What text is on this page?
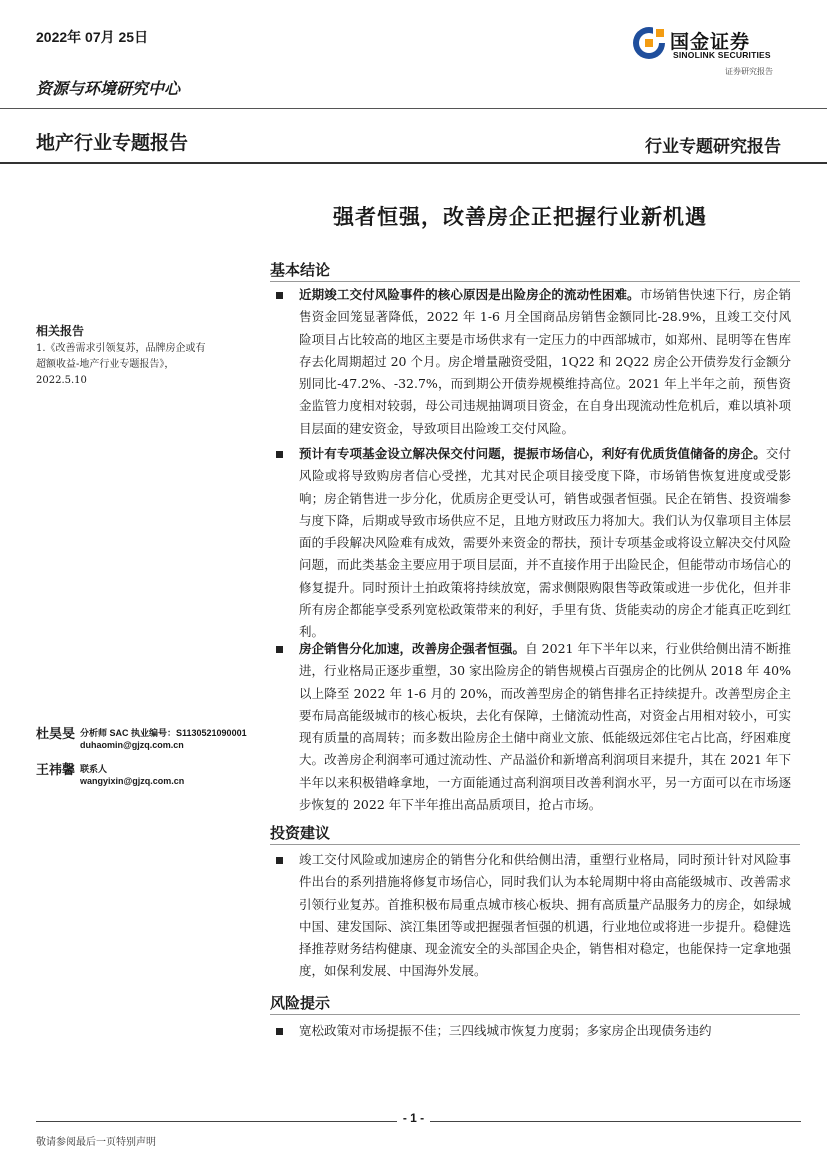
2022年 07月 25日
资源与环境研究中心
国金证券
SINOLINK SECURITIES
证券研究报告
地产行业专题报告	行业专题研究报告
强者恒强，改善房企正把握行业新机遇
基本结论
近期竣工交付风险事件的核心原因是出险房企的流动性困难。市场销售快速下行，房企销售资金回笼显著降低，2022 年 1-6 月全国商品房销售金额同比-28.9%，且竣工交付风险项目占比较高的地区主要是市场供求有一定压力的中西部城市，如郑州、昆明等在售库存去化周期超过 20 个月。房企增量融资受阻，1Q22 和 2Q22 房企公开债券发行金额分别同比-47.2%、-32.7%，而到期公开债券规模维持高位。2021 年上半年之前，预售资金监管力度相对较弱，母公司违规抽调项目资金，在自身出现流动性危机后，难以填补项目层面的建安资金，导致项目出险竣工交付风险。
预计有专项基金设立解决保交付问题，提振市场信心，利好有优质货值储备的房企。交付风险或将导致购房者信心受挫，尤其对民企项目接受度下降，市场销售恢复进度或受影响；房企销售进一步分化，优质房企更受认可，销售或强者恒强。民企在销售、投资端参与度下降，后期或导致市场供应不足，且地方财政压力将加大。我们认为仅靠项目主体层面的手段解决风险难有成效，需要外来资金的帮扶，预计专项基金或将设立解决交付风险问题，而此类基金主要应用于项目层面，并不直接作用于出险民企，但能带动市场信心的修复提升。同时预计土拍政策将持续放宽，需求侧限购限售等政策或进一步优化，但并非所有房企都能享受系列宽松政策带来的利好，手里有货、货能卖动的房企才能真正吃到红利。
房企销售分化加速，改善房企强者恒强。自 2021 年下半年以来，行业供给侧出清不断推进，行业格局正逐步重塑，30 家出险房企的销售规模占百强房企的比例从 2018 年 40%以上降至 2022 年 1-6 月的 20%，而改善型房企的销售排名正持续提升。改善型房企主要布局高能级城市的核心板块，去化有保障，土储流动性高，对资金占用相对较小，可实现有质量的高周转；而多数出险房企土储中商业文旅、低能级远郊住宅占比高，纾困难度大。改善房企利润率可通过流动性、产品溢价和新增高利润项目来提升，其在 2021 年下半年以来积极错峰拿地，一方面能通过高利润项目改善利润水平，另一方面可以在市场逐步恢复的 2022 年下半年推出高品质项目，抢占市场。
投资建议
竣工交付风险或加速房企的销售分化和供给侧出清，重塑行业格局，同时预计针对风险事件出台的系列措施将修复市场信心，同时我们认为本轮周期中将由高能级城市、改善需求引领行业复苏。首推积极布局重点城市核心板块、拥有高质量产品服务力的房企，如绿城中国、建发国际、滨江集团等或把握强者恒强的机遇，行业地位或将进一步提升。稳健选择推荐财务结构健康、现金流安全的头部国企央企，销售相对稳定，也能保持一定拿地强度，如保利发展、中国海外发展。
风险提示
宽松政策对市场提振不佳；三四线城市恢复力度弱；多家房企出现债务违约
相关报告
1.《改善需求引领复苏，品牌房企或有超额收益-地产行业专题报告》，2022.5.10
杜昊旻 分析师 SAC 执业编号：S1130521090001
duhaomin@gjzq.com.cn
王祎馨 联系人
wangyixin@gjzq.com.cn
- 1 -
敬请参阅最后一页特别声明
